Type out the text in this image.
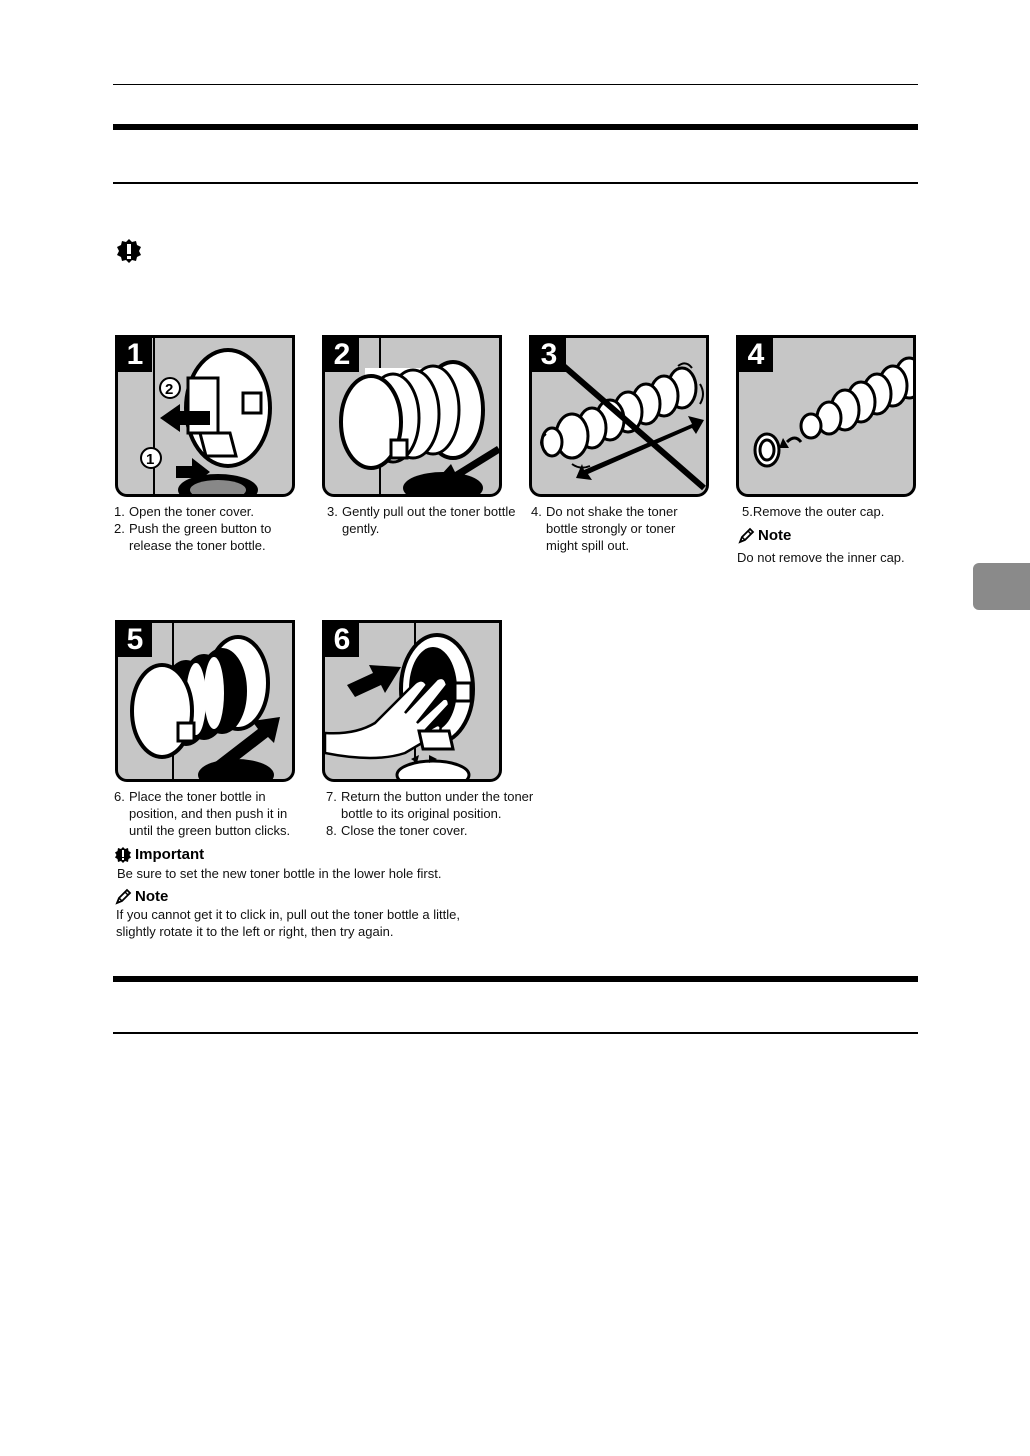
2
1
1	2	3	4
1. Open the toner cover.
2. Push the green button to release the toner bottle.
3. Gently pull out the toner bottle gently.
4. Do not shake the toner bottle strongly or toner might spill out.
5.Remove the outer cap.
Note
Do not remove the inner cap.
5	6
6. Place the toner bottle in position, and then push it in until the green button clicks.
7. Return the button under the toner bottle to its original position.
8. Close the toner cover.
Important
Be sure to set the new toner bottle in the lower hole first.
Note
If you cannot get it to click in, pull out the toner bottle a little,
slightly rotate it to the left or right, then try again.
